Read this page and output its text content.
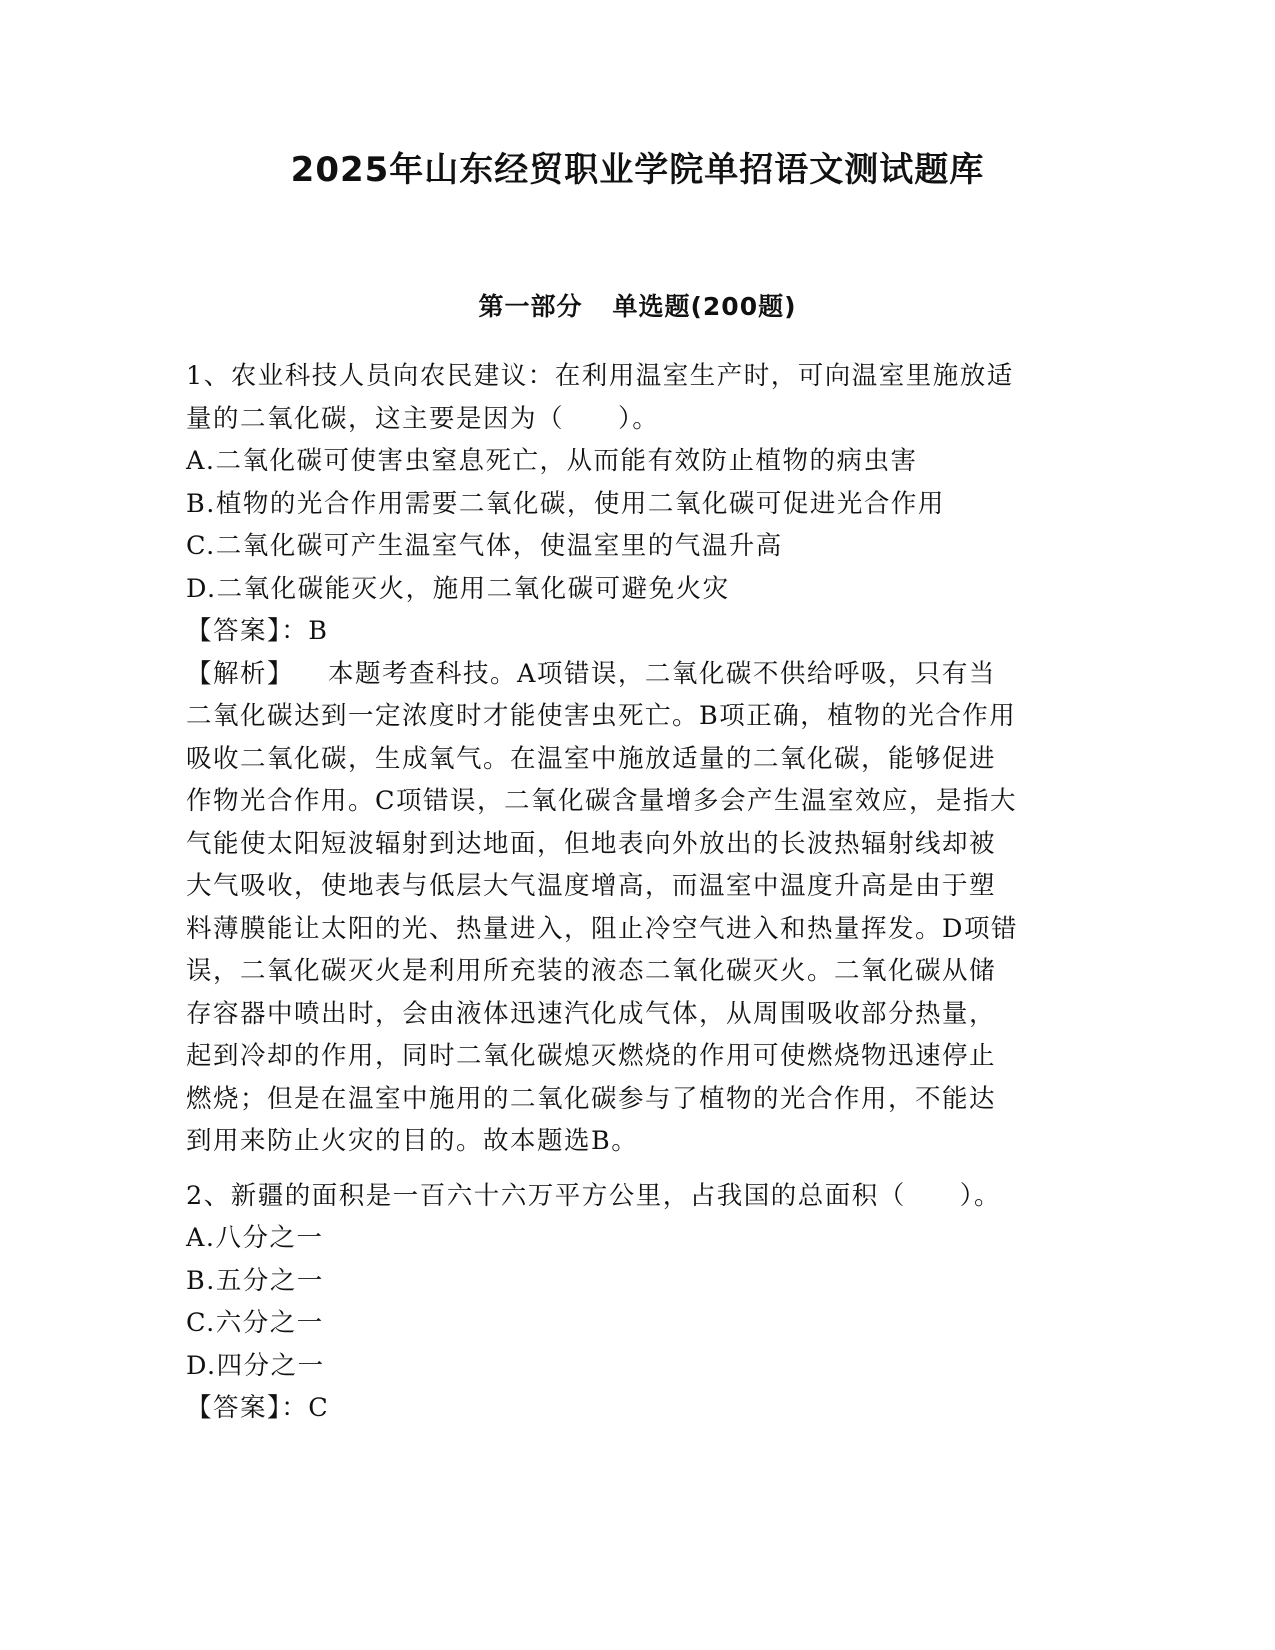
2025年山东经贸职业学院单招语文测试题库
第一部分 单选题(200题)
1、农业科技人员向农民建议：在利用温室生产时，可向温室里施放适
量的二氧化碳，这主要是因为（　　）。
A.二氧化碳可使害虫窒息死亡，从而能有效防止植物的病虫害
B.植物的光合作用需要二氧化碳，使用二氧化碳可促进光合作用
C.二氧化碳可产生温室气体，使温室里的气温升高
D.二氧化碳能灭火，施用二氧化碳可避免火灾
【答案】：B
【解析】 本题考查科技。A项错误，二氧化碳不供给呼吸，只有当
二氧化碳达到一定浓度时才能使害虫死亡。B项正确，植物的光合作用
吸收二氧化碳，生成氧气。在温室中施放适量的二氧化碳，能够促进
作物光合作用。C项错误，二氧化碳含量增多会产生温室效应，是指大
气能使太阳短波辐射到达地面，但地表向外放出的长波热辐射线却被
大气吸收，使地表与低层大气温度增高，而温室中温度升高是由于塑
料薄膜能让太阳的光、热量进入，阻止冷空气进入和热量挥发。D项错
误，二氧化碳灭火是利用所充装的液态二氧化碳灭火。二氧化碳从储
存容器中喷出时，会由液体迅速汽化成气体，从周围吸收部分热量，
起到冷却的作用，同时二氧化碳熄灭燃烧的作用可使燃烧物迅速停止
燃烧；但是在温室中施用的二氧化碳参与了植物的光合作用，不能达
到用来防止火灾的目的。故本题选B。
2、新疆的面积是一百六十六万平方公里，占我国的总面积（　　）。
A.八分之一
B.五分之一
C.六分之一
D.四分之一
【答案】：C
